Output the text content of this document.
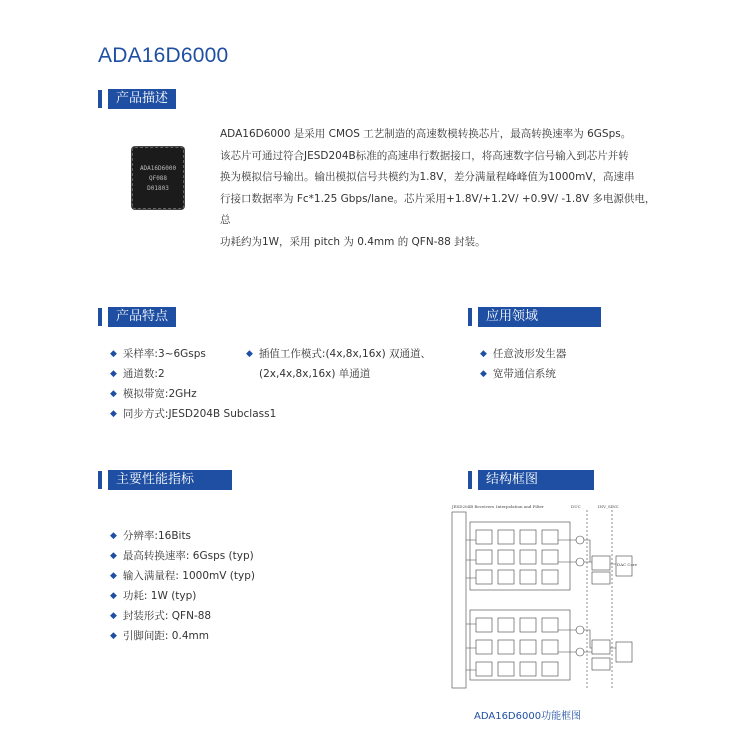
ADA16D6000
产品描述
ADA16D6000
QF088
D01803
ADA16D6000 是采用 CMOS 工艺制造的高速数模转换芯片，最高转换速率为 6GSps。
该芯片可通过符合JESD204B标准的高速串行数据接口，将高速数字信号输入到芯片并转
换为模拟信号输出。输出模拟信号共模约为1.8V，差分满量程峰峰值为1000mV，高速串
行接口数据率为 Fc*1.25 Gbps/lane。芯片采用+1.8V/+1.2V/ +0.9V/ -1.8V 多电源供电，总
功耗约为1W，采用 pitch 为 0.4mm 的 QFN-88 封装。
产品特点
◆ 采样率:3~6Gsps
◆ 通道数:2
◆ 模拟带宽:2GHz
◆ 同步方式:JESD204B Subclass1
◆ 插值工作模式:(4x,8x,16x) 双通道、
(2x,4x,8x,16x) 单通道
应用领域
◆ 任意波形发生器
◆ 宽带通信系统
主要性能指标
◆ 分辨率:16Bits
◆ 最高转换速率: 6Gsps (typ)
◆ 输入满量程: 1000mV (typ)
◆ 功耗: 1W (typ)
◆ 封装形式: QFN-88
◆ 引脚间距: 0.4mm
结构框图
JESD204B Receivers Interpolation and Filter	DUC	INV_SINC
DAC Core
ADA16D6000功能框图
